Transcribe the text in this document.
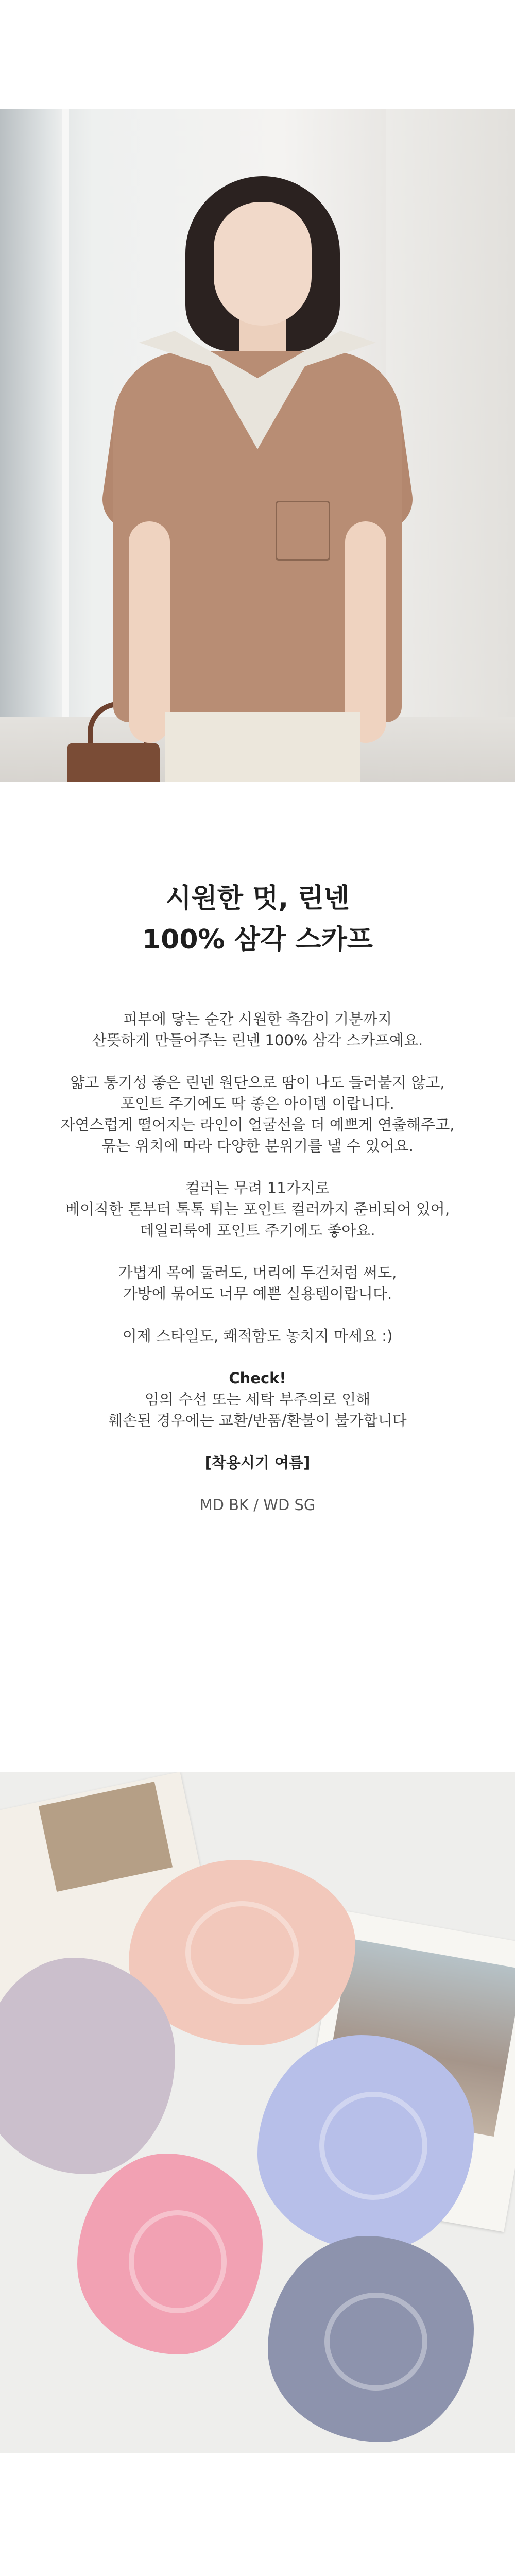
시원한 멋, 린넨
100% 삼각 스카프

피부에 닿는 순간 시원한 촉감이 기분까지
산뜻하게 만들어주는 린넨 100% 삼각 스카프예요.

얇고 통기성 좋은 린넨 원단으로 땀이 나도 들러붙지 않고,
포인트 주기에도 딱 좋은 아이템 이랍니다.
자연스럽게 떨어지는 라인이 얼굴선을 더 예쁘게 연출해주고,
묶는 위치에 따라 다양한 분위기를 낼 수 있어요.

컬러는 무려 11가지로
베이직한 톤부터 톡톡 튀는 포인트 컬러까지 준비되어 있어,
데일리룩에 포인트 주기에도 좋아요.

가볍게 목에 둘러도, 머리에 두건처럼 써도,
가방에 묶어도 너무 예쁜 실용템이랍니다.

이제 스타일도, 쾌적함도 놓치지 마세요 :)

Check!
임의 수선 또는 세탁 부주의로 인해
훼손된 경우에는 교환/반품/환불이 불가합니다

[착용시기 여름]

MD BK / WD SG
